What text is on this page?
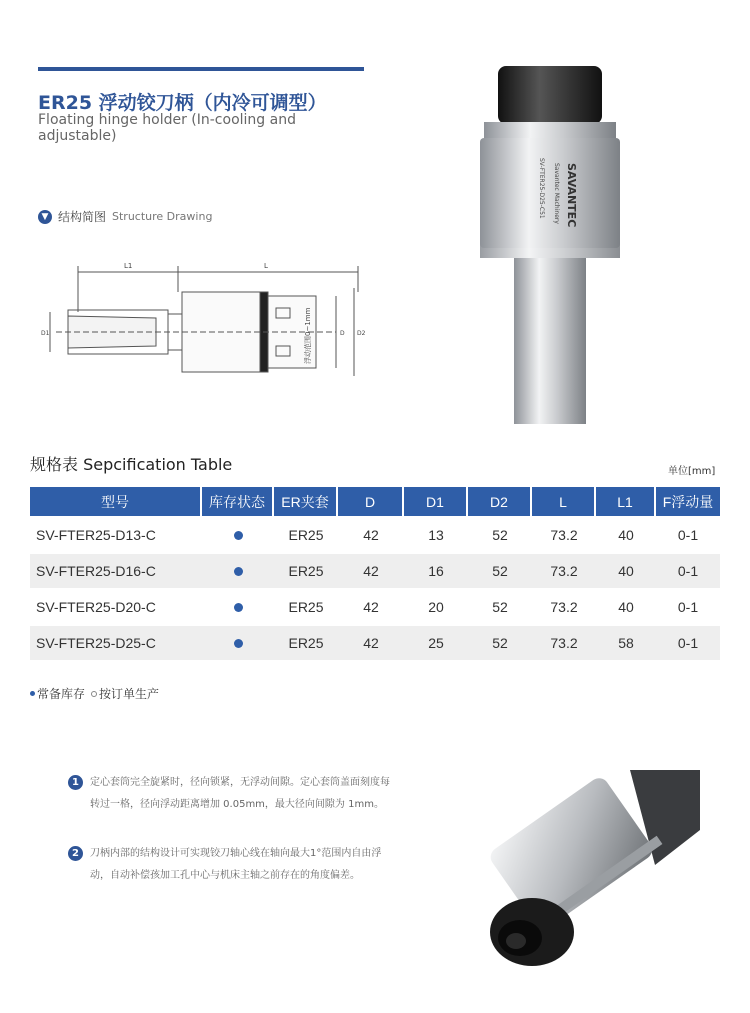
ER25 浮动铰刀柄（内冷可调型）
Floating hinge holder (In-cooling and adjustable)
▼ 结构简图 Structure Drawing
L1	L
D1	D D2
浮动范围0~1mm
SAVANTEC
Savantec Machinery
SV-FTER25-D25-C51
规格表 Sepcification Table	单位[mm]
型号	库存状态	ER夹套	D	D1	D2	L	L1	F浮动量
SV-FTER25-D13-C		ER25	42	13	52	73.2	40	0-1
SV-FTER25-D16-C		ER25	42	16	52	73.2	40	0-1
SV-FTER25-D20-C		ER25	42	20	52	73.2	40	0-1
SV-FTER25-D25-C		ER25	42	25	52	73.2	58	0-1
常备库存 按订单生产
1	定心套筒完全旋紧时，径向锁紧，无浮动间隙。定心套筒盖面刻度每转过一格，径向浮动距离增加 0.05mm，最大径向间隙为 1mm。
2	刀柄内部的结构设计可实现铰刀轴心线在轴向最大1°范围内自由浮动，自动补偿孩加工孔中心与机床主轴之前存在的角度偏差。
